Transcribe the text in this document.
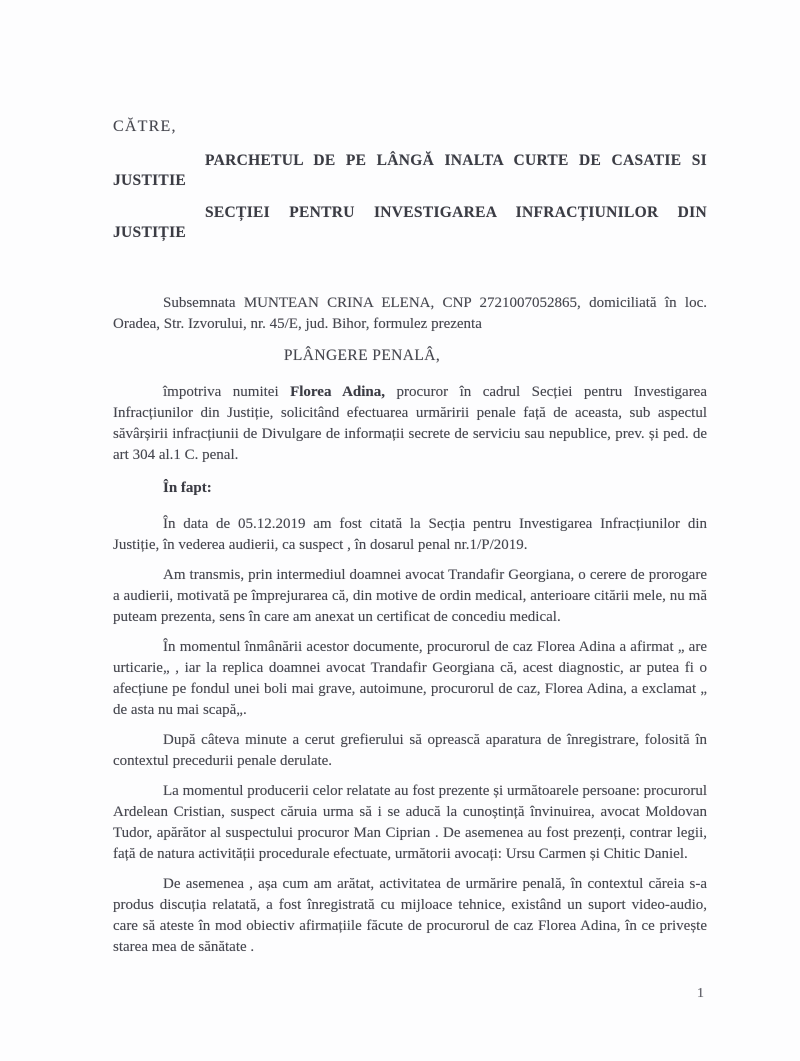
CĂTRE,

PARCHETUL DE PE LÂNGĂ INALTA CURTE DE CASATIE SI
JUSTITIE
SECȚIEI PENTRU INVESTIGAREA INFRACȚIUNILOR DIN
JUSTIȚIE

Subsemnata MUNTEAN CRINA ELENA, CNP 2721007052865, domiciliată în loc. Oradea, Str. Izvorului, nr. 45/E, jud. Bihor, formulez prezenta

PLÂNGERE PENALÂ,

împotriva numitei Florea Adina, procuror în cadrul Secției pentru Investigarea Infracțiunilor din Justiție, solicitând efectuarea urmăririi penale față de aceasta, sub aspectul săvârșirii infracțiunii de Divulgare de informații secrete de serviciu sau nepublice, prev. și ped. de art 304 al.1 C. penal.

În fapt:

În data de 05.12.2019 am fost citată la Secția pentru Investigarea Infracțiunilor din Justiție, în vederea audierii, ca suspect , în dosarul penal nr.1/P/2019.

Am transmis, prin intermediul doamnei avocat Trandafir Georgiana, o cerere de prorogare a audierii, motivată pe împrejurarea că, din motive de ordin medical, anterioare citării mele, nu mă puteam prezenta, sens în care am anexat un certificat de concediu medical.

În momentul înmânării acestor documente, procurorul de caz Florea Adina a afirmat „ are urticarie„ , iar la replica doamnei avocat Trandafir Georgiana că, acest diagnostic, ar putea fi o afecțiune pe fondul unei boli mai grave, autoimune, procurorul de caz, Florea Adina, a exclamat „ de asta nu mai scapă„.

După câteva minute a cerut grefierului să oprească aparatura de înregistrare, folosită în contextul precedurii penale derulate.

La momentul producerii celor relatate au fost prezente și următoarele persoane: procurorul Ardelean Cristian, suspect căruia urma să i se aducă la cunoștință învinuirea, avocat Moldovan Tudor, apărător al suspectului procuror Man Ciprian . De asemenea au fost prezenți, contrar legii, față de natura activității procedurale efectuate, următorii avocați: Ursu Carmen și Chitic Daniel.

De asemenea , așa cum am arătat, activitatea de urmărire penală, în contextul căreia s-a produs discuția relatată, a fost înregistrată cu mijloace tehnice, existând un suport video-audio, care să ateste în mod obiectiv afirmațiile făcute de procurorul de caz Florea Adina, în ce privește starea mea de sănătate .

1
